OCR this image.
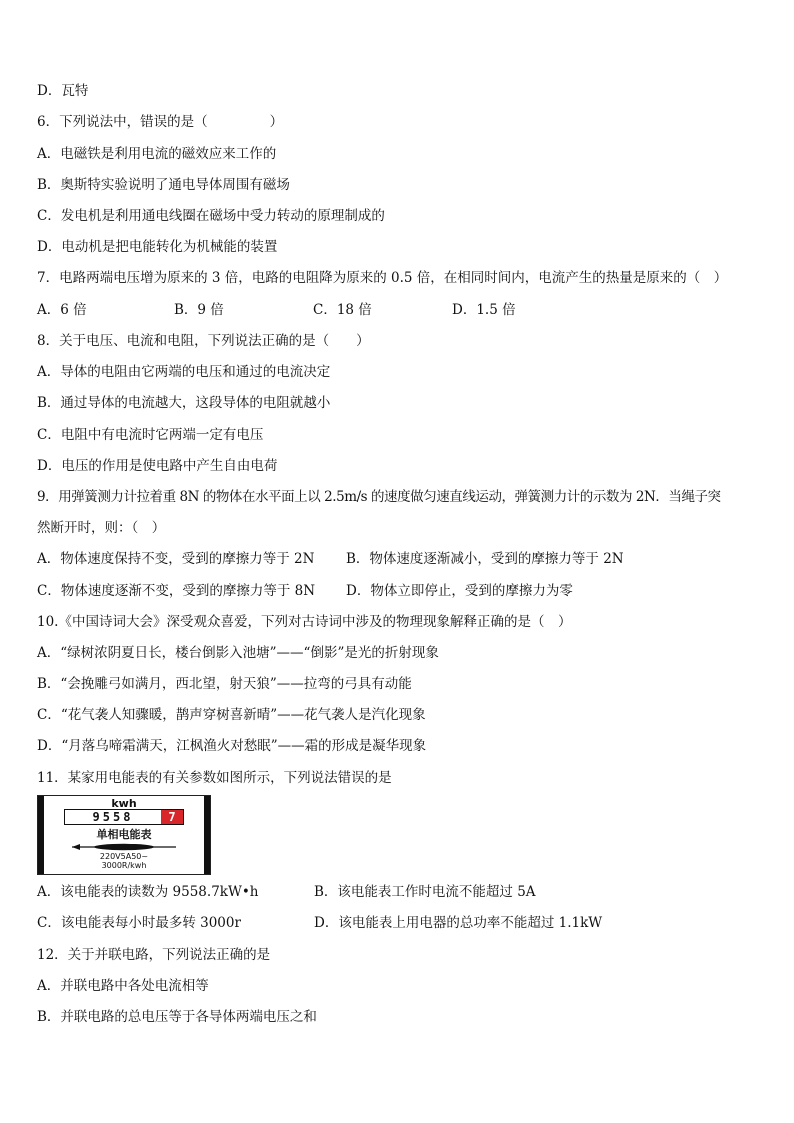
D．瓦特
6．下列说法中，错误的是（	）
A．电磁铁是利用电流的磁效应来工作的
B．奥斯特实验说明了通电导体周围有磁场
C．发电机是利用通电线圈在磁场中受力转动的原理制成的
D．电动机是把电能转化为机械能的装置
7．电路两端电压增为原来的 3 倍，电路的电阻降为原来的 0.5 倍，在相同时间内，电流产生的热量是原来的（　）
A．6 倍	B．9 倍	C．18 倍	D．1.5 倍
8．关于电压、电流和电阻，下列说法正确的是（　　）
A．导体的电阻由它两端的电压和通过的电流决定
B．通过导体的电流越大，这段导体的电阻就越小
C．电阻中有电流时它两端一定有电压
D．电压的作用是使电路中产生自由电荷
9．用弹簧测力计拉着重 8N 的物体在水平面上以 2.5m/s 的速度做匀速直线运动，弹簧测力计的示数为 2N．当绳子突
然断开时，则：（　）
A．物体速度保持不变，受到的摩擦力等于 2N B．物体速度逐渐减小，受到的摩擦力等于 2N
C．物体速度逐渐不变，受到的摩擦力等于 8N D．物体立即停止，受到的摩擦力为零
10.《中国诗词大会》深受观众喜爱，下列对古诗词中涉及的物理现象解释正确的是（　）
A．“绿树浓阴夏日长，楼台倒影入池塘”——“倒影”是光的折射现象
B．“会挽雕弓如满月，西北望，射天狼”——拉弯的弓具有动能
C．“花气袭人知骤暖，鹊声穿树喜新晴”——花气袭人是汽化现象
D．“月落乌啼霜满天，江枫渔火对愁眠”——霜的形成是凝华现象
11．某家用电能表的有关参数如图所示，下列说法错误的是
kwh
9558	7
单相电能表
220V5A50~
3000R/kwh
A．该电能表的读数为 9558.7kW•h	B．该电能表工作时电流不能超过 5A
C．该电能表每小时最多转 3000r	D．该电能表上用电器的总功率不能超过 1.1kW
12．关于并联电路，下列说法正确的是
A．并联电路中各处电流相等
B．并联电路的总电压等于各导体两端电压之和
